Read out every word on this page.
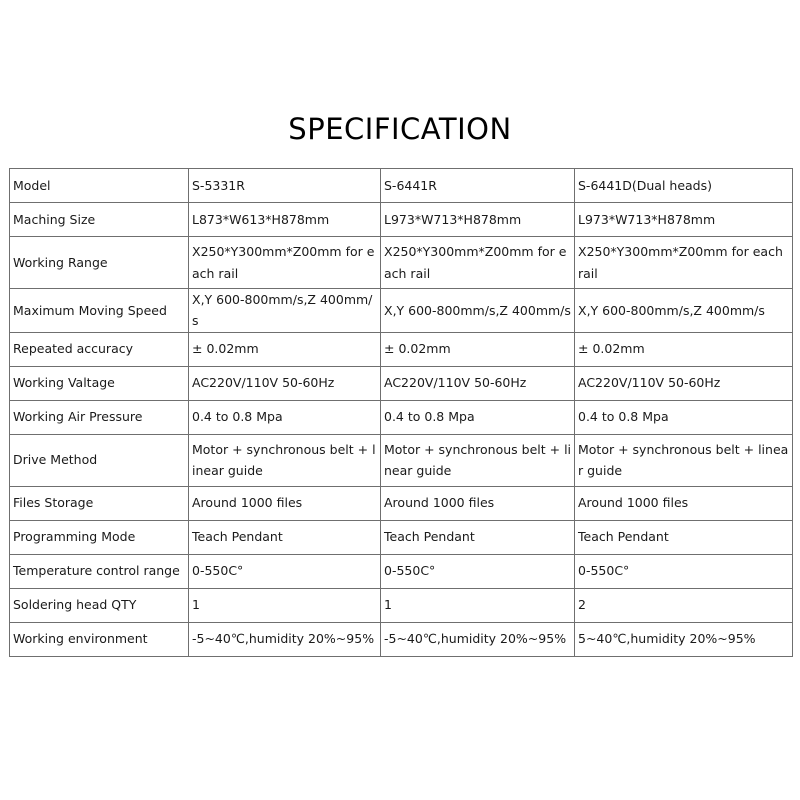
SPECIFICATION
Model	S-5331R	S-6441R	S-6441D(Dual heads)
Maching Size	L873*W613*H878mm	L973*W713*H878mm	L973*W713*H878mm
Working Range	X250*Y300mm*Z00mm for each rail	X250*Y300mm*Z00mm for each rail	X250*Y300mm*Z00mm for each rail
Maximum Moving Speed	X,Y 600-800mm/s,Z 400mm/s	X,Y 600-800mm/s,Z 400mm/s	X,Y 600-800mm/s,Z 400mm/s
Repeated accuracy	± 0.02mm	± 0.02mm	± 0.02mm
Working Valtage	AC220V/110V 50-60Hz	AC220V/110V 50-60Hz	AC220V/110V 50-60Hz
Working Air Pressure	0.4 to 0.8 Mpa	0.4 to 0.8 Mpa	0.4 to 0.8 Mpa
Drive Method	Motor + synchronous belt + linear guide	Motor + synchronous belt + linear guide	Motor + synchronous belt + linear guide
Files Storage	Around 1000 files	Around 1000 files	Around 1000 files
Programming Mode	Teach Pendant	Teach Pendant	Teach Pendant
Temperature control range	0-550C°	0-550C°	0-550C°
Soldering head QTY	1	1	2
Working environment	-5~40℃,humidity 20%~95%	-5~40℃,humidity 20%~95%	5~40℃,humidity 20%~95%
